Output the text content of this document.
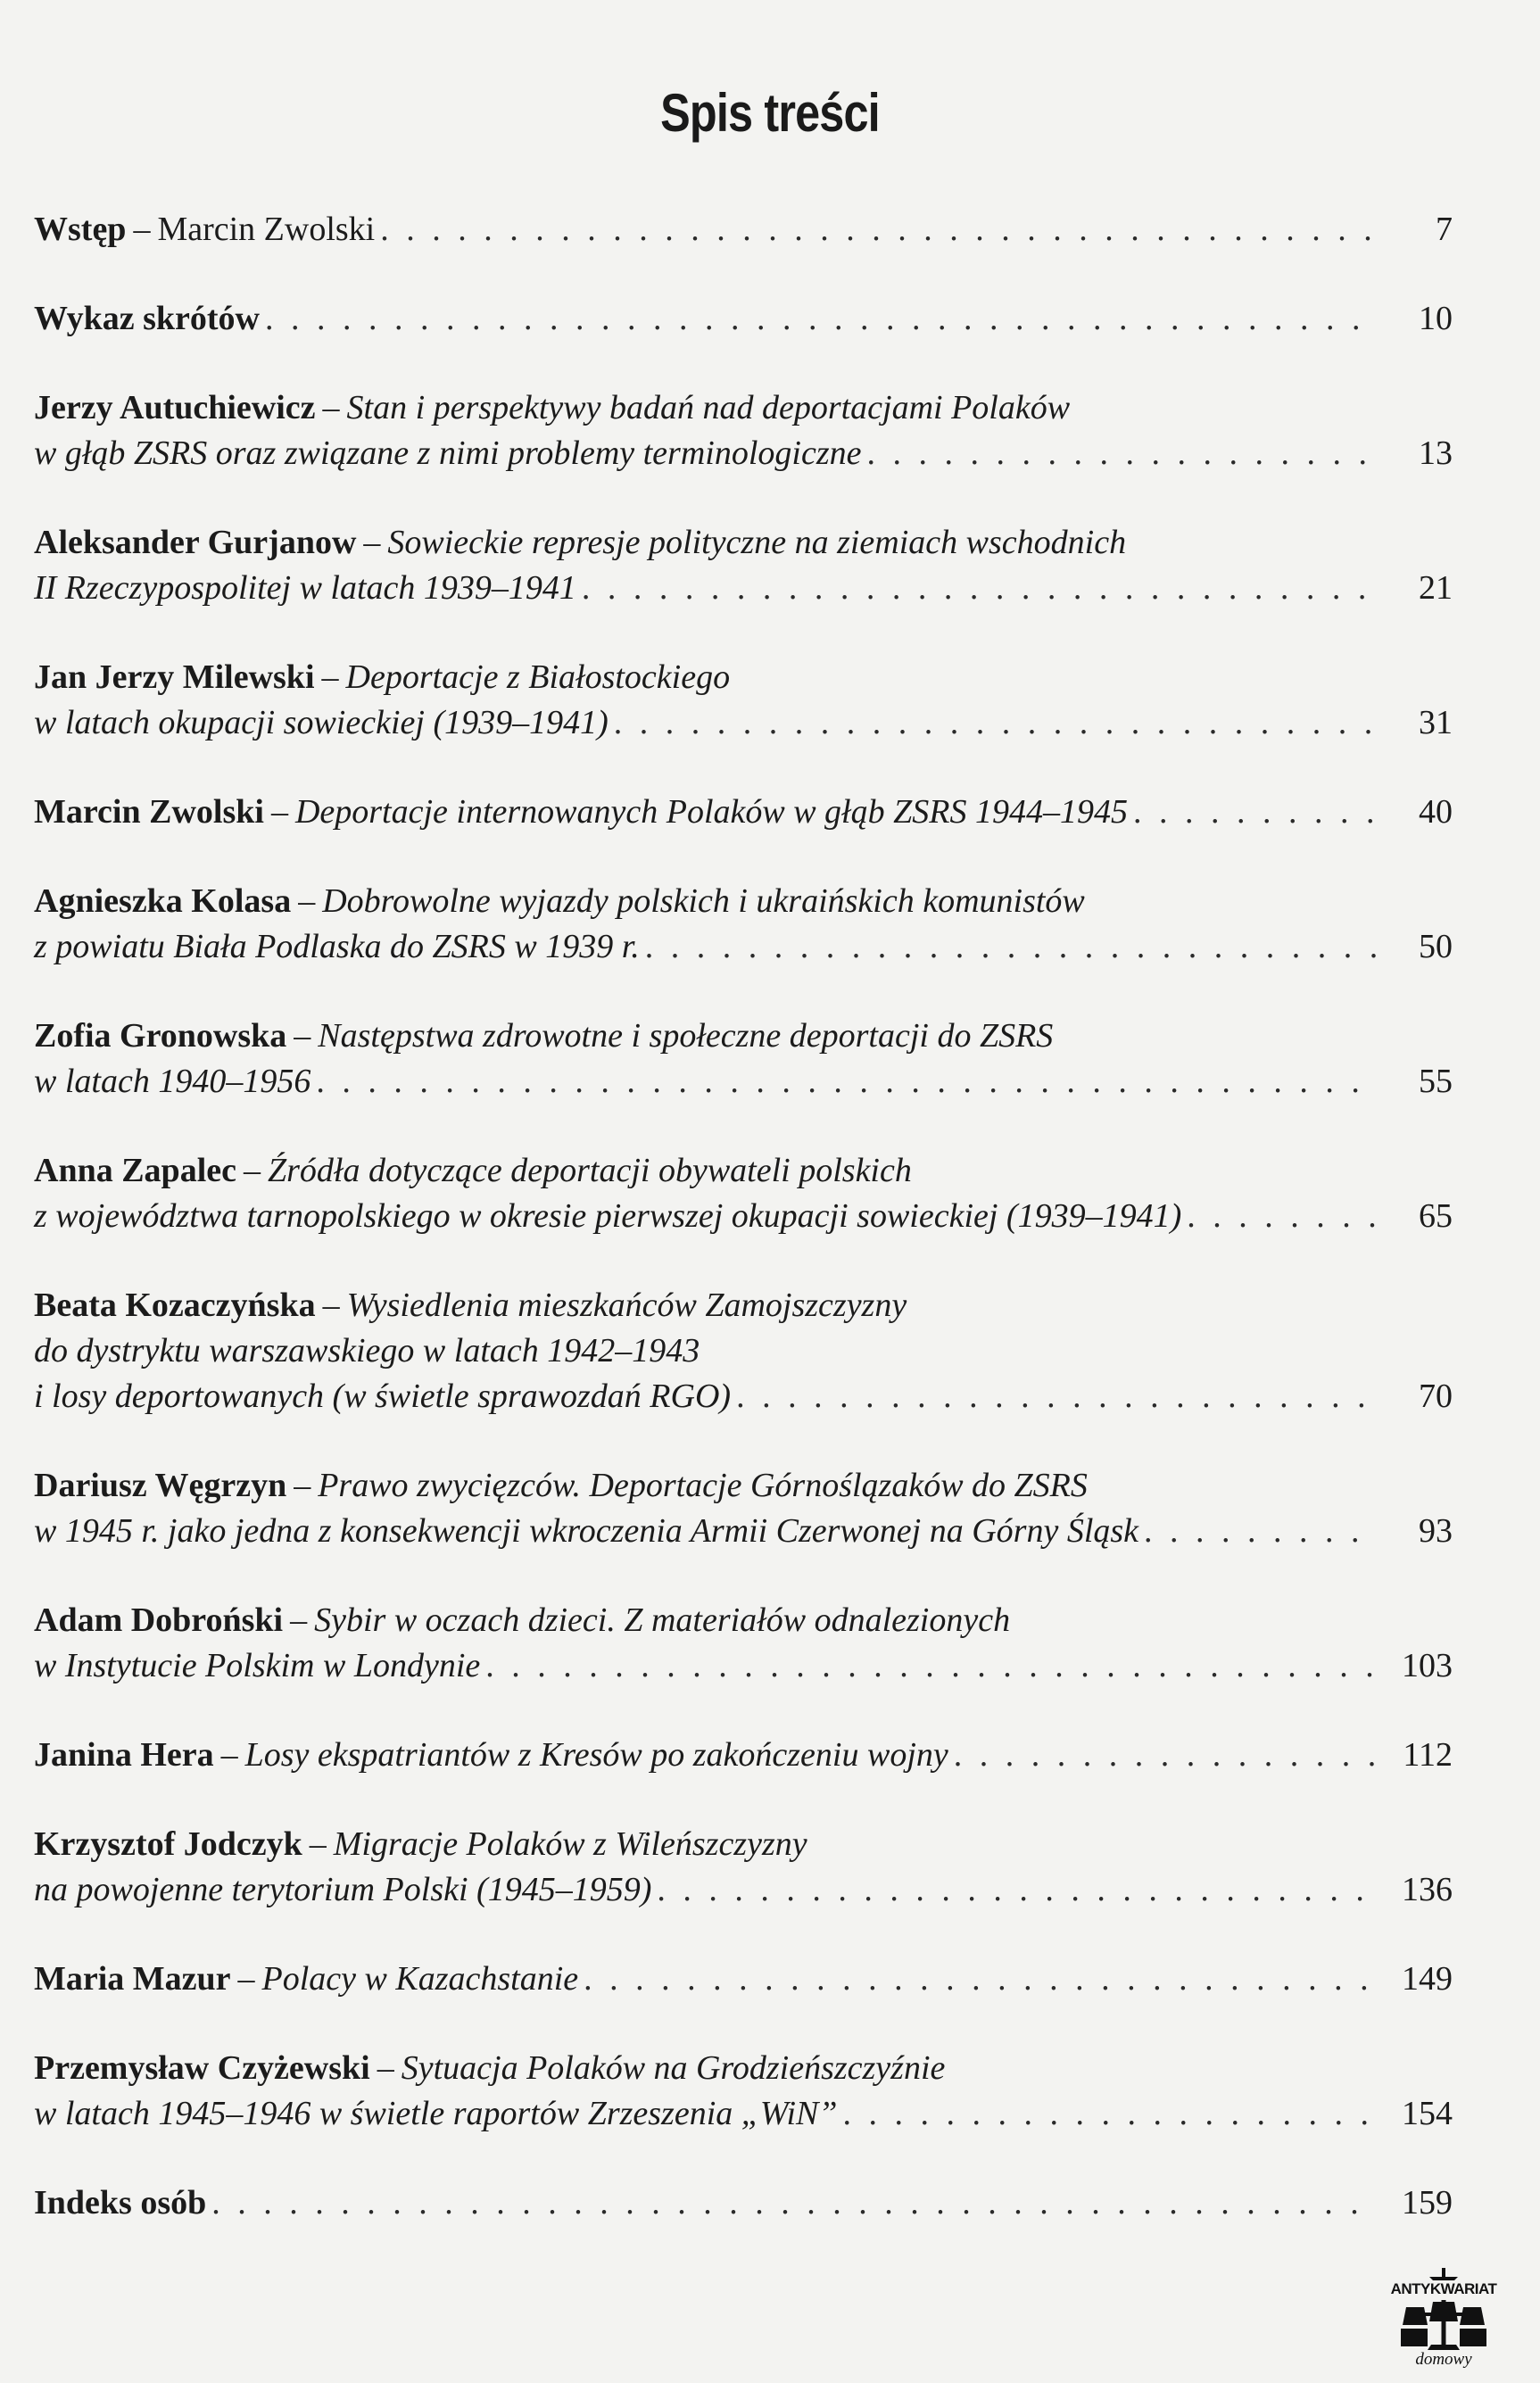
Spis treści
Wstęp – Marcin Zwolski . . .	7
Wykaz skrótów . . .	10
Jerzy Autuchiewicz – Stan i perspektywy badań nad deportacjami Polaków
w głąb ZSRS oraz związane z nimi problemy terminologiczne . . .	13
Aleksander Gurjanow – Sowieckie represje polityczne na ziemiach wschodnich
II Rzeczypospolitej w latach 1939–1941 . . .	21
Jan Jerzy Milewski – Deportacje z Białostockiego
w latach okupacji sowieckiej (1939–1941) . . .	31
Marcin Zwolski – Deportacje internowanych Polaków w głąb ZSRS 1944–1945 . . .	40
Agnieszka Kolasa – Dobrowolne wyjazdy polskich i ukraińskich komunistów
z powiatu Biała Podlaska do ZSRS w 1939 r. . . .	50
Zofia Gronowska – Następstwa zdrowotne i społeczne deportacji do ZSRS
w latach 1940–1956 . . .	55
Anna Zapalec – Źródła dotyczące deportacji obywateli polskich
z województwa tarnopolskiego w okresie pierwszej okupacji sowieckiej (1939–1941) . . .	65
Beata Kozaczyńska – Wysiedlenia mieszkańców Zamojszczyzny
do dystryktu warszawskiego w latach 1942–1943
i losy deportowanych (w świetle sprawozdań RGO) . . .	70
Dariusz Węgrzyn – Prawo zwycięzców. Deportacje Górnoślązaków do ZSRS
w 1945 r. jako jedna z konsekwencji wkroczenia Armii Czerwonej na Górny Śląsk . . .	93
Adam Dobroński – Sybir w oczach dzieci. Z materiałów odnalezionych
w Instytucie Polskim w Londynie . . .	103
Janina Hera – Losy ekspatriantów z Kresów po zakończeniu wojny . . .	112
Krzysztof Jodczyk – Migracje Polaków z Wileńszczyzny
na powojenne terytorium Polski (1945–1959) . . .	136
Maria Mazur – Polacy w Kazachstanie . . .	149
Przemysław Czyżewski – Sytuacja Polaków na Grodzieńszczyźnie
w latach 1945–1946 w świetle raportów Zrzeszenia „WiN” . . .	154
Indeks osób . . .	159
ANTYKWARIAT
domowy
